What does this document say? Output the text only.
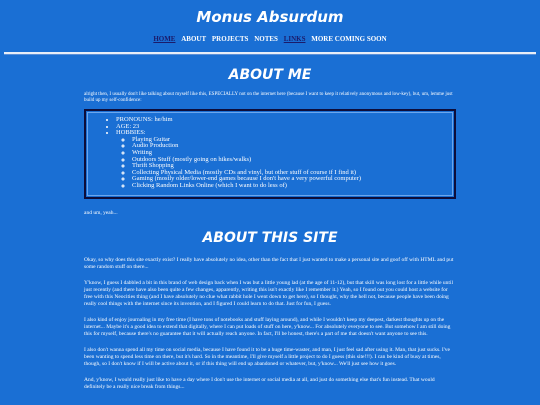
Monus Absurdum
HOME ABOUT PROJECTS NOTES LINKS MORE COMING SOON
ABOUT ME

alright then, I usually don't like talking about myself like this, ESPECIALLY not on the internet here (because I want to keep it relatively anonymous and low-key), but, um, lemme just build up my self-confidence:

• PRONOUNS: he/him
• AGE: 23
• HOBBIES:
◦ Playing Guitar
◦ Audio Production
◦ Writing
◦ Outdoors Stuff (mostly going on hikes/walks)
◦ Thrift Shopping
◦ Collecting Physical Media (mostly CDs and vinyl, but other stuff of course if I find it)
◦ Gaming (mostly older/lower-end games because I don't have a very powerful computer)
◦ Clicking Random Links Online (which I want to do less of)

and um, yeah...

ABOUT THIS SITE

Okay, so why does this site exactly exist? I really have absolutely no idea, other than the fact that I just wanted to make a personal site and goof off with HTML and put some random stuff on there...

Y'know, I guess I dabbled a bit in this brand of web design back when I was but a little young lad (at the age of 11-12), but that skill was long lost for a little while until just recently (and there have also been quite a few changes, apparently, writing this isn't exactly like I remember it.) Yeah, so I found out you could host a website for free with this Neocities thing (and I have absolutely no clue what rabbit hole I went down to get here), so I thought, why the hell not, because people have been doing really cool things with the internet since its invention, and I figured I could learn to do that. Just for fun, I guess.

I also kind of enjoy journaling in my free time (I have tons of notebooks and stuff laying around), and while I wouldn't keep my deepest, darkest thoughts up on the internet... Maybe it's a good idea to extend that digitally, where I can put loads of stuff on here, y'know... For absolutely everyone to see. But somehow I am still doing this for myself, because there's no guarantee that it will actually reach anyone. In fact, I'll be honest, there's a part of me that doesn't want anyone to see this.

I also don't wanna spend all my time on social media, because I have found it to be a huge time-waster, and man, I just feel sad after using it. Man, that just sucks. I've been wanting to spend less time on there, but it's hard. So in the meantime, I'll give myself a little project to do I guess (this site!!!). I can be kind of busy at times, though, so I don't know if I will be active about it, or if this thing will end up abandoned or whatever, but, y'know... We'll just see how it goes.

And, y'know, I would really just like to have a day where I don't use the internet or social media at all, and just do something else that's fun instead. That would definitely be a really nice break from things...
